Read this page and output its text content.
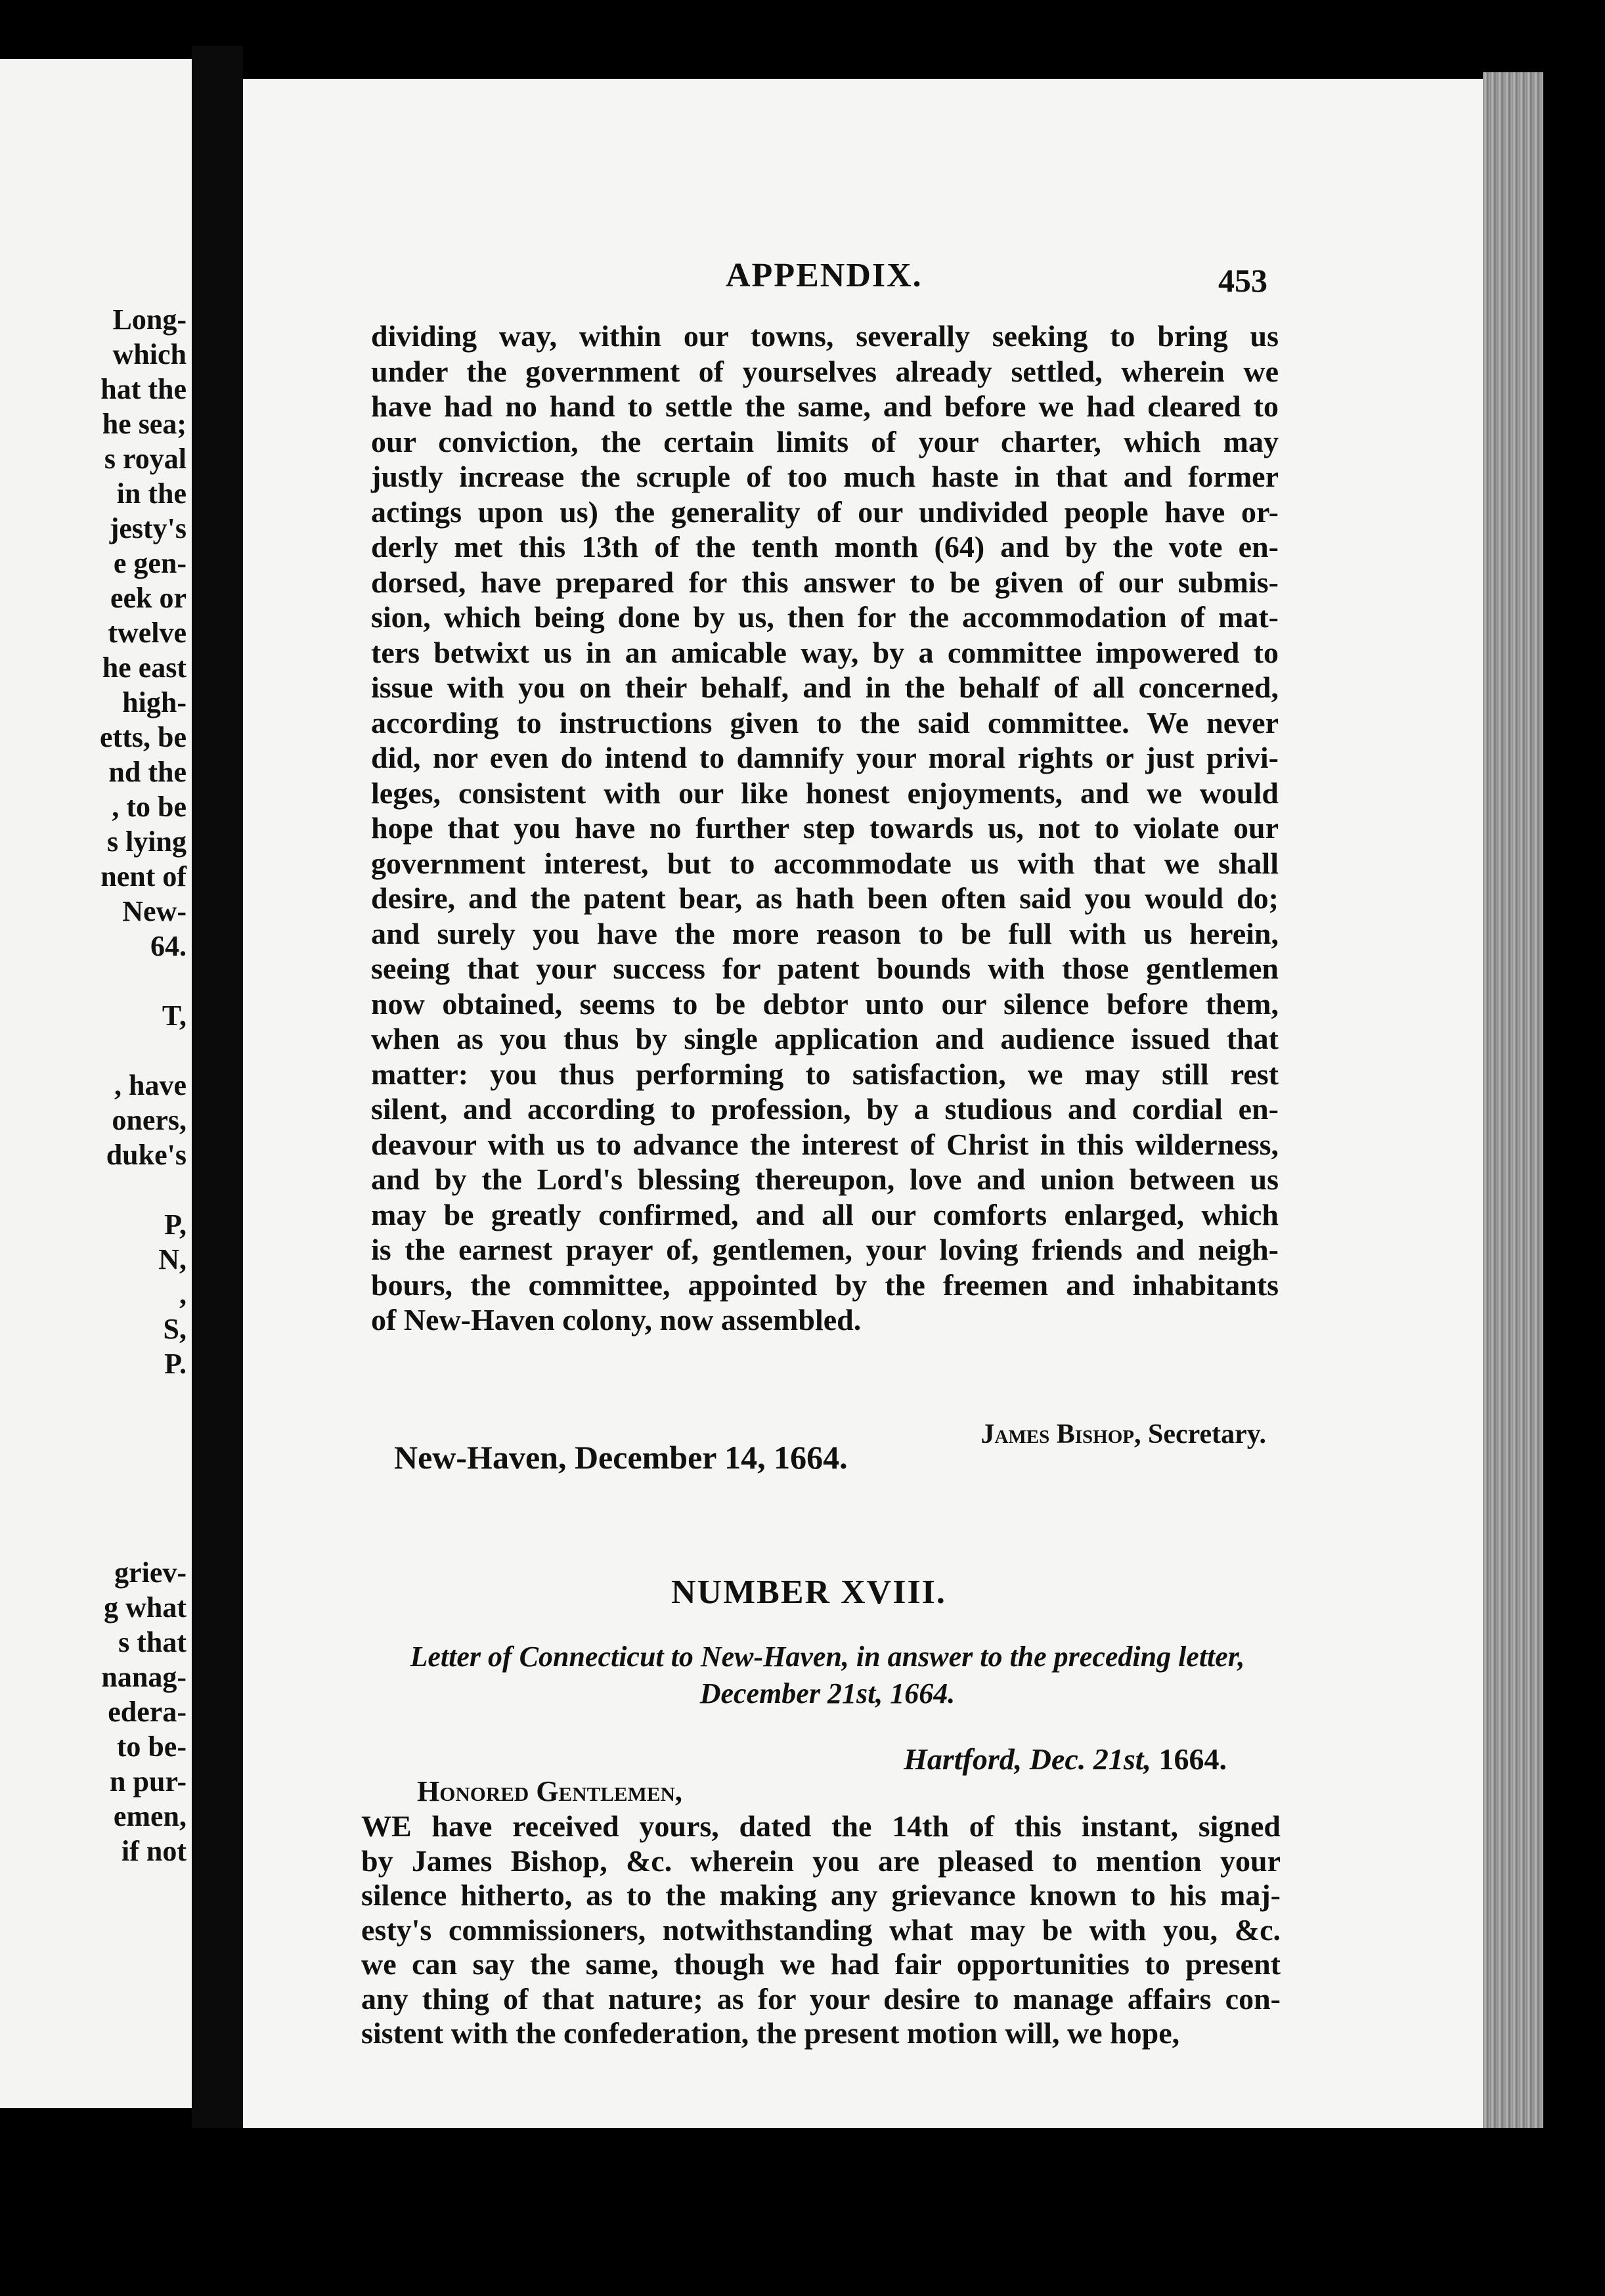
Long-
which
hat the
he sea;
s royal
in the
jesty's
e gen-
eek or
twelve
he east
high-
etts, be
nd the
, to be
s lying
nent of
New-
64.
T,
, have
oners,
duke's
P,
N,
,
S,
P.
griev-
g what
s that
nanag-
edera-
to be-
n pur-
emen,
if not
APPENDIX.	453
dividing way, within our towns, severally seeking to bring us
under the government of yourselves already settled, wherein we
have had no hand to settle the same, and before we had cleared to
our conviction, the certain limits of your charter, which may
justly increase the scruple of too much haste in that and former
actings upon us) the generality of our undivided people have or-
derly met this 13th of the tenth month (64) and by the vote en-
dorsed, have prepared for this answer to be given of our submis-
sion, which being done by us, then for the accommodation of mat-
ters betwixt us in an amicable way, by a committee impowered to
issue with you on their behalf, and in the behalf of all concerned,
according to instructions given to the said committee. We never
did, nor even do intend to damnify your moral rights or just privi-
leges, consistent with our like honest enjoyments, and we would
hope that you have no further step towards us, not to violate our
government interest, but to accommodate us with that we shall
desire, and the patent bear, as hath been often said you would do;
and surely you have the more reason to be full with us herein,
seeing that your success for patent bounds with those gentlemen
now obtained, seems to be debtor unto our silence before them,
when as you thus by single application and audience issued that
matter: you thus performing to satisfaction, we may still rest
silent, and according to profession, by a studious and cordial en-
deavour with us to advance the interest of Christ in this wilderness,
and by the Lord's blessing thereupon, love and union between us
may be greatly confirmed, and all our comforts enlarged, which
is the earnest prayer of, gentlemen, your loving friends and neigh-
bours, the committee, appointed by the freemen and inhabitants
of New-Haven colony, now assembled.
James Bishop, Secretary.
New-Haven, December 14, 1664.
NUMBER XVIII.
Letter of Connecticut to New-Haven, in answer to the preceding letter,
December 21st, 1664.
Hartford, Dec. 21st, 1664.
Honored Gentlemen,
WE have received yours, dated the 14th of this instant, signed
by James Bishop, &c. wherein you are pleased to mention your
silence hitherto, as to the making any grievance known to his maj-
esty's commissioners, notwithstanding what may be with you, &c.
we can say the same, though we had fair opportunities to present
any thing of that nature; as for your desire to manage affairs con-
sistent with the confederation, the present motion will, we hope,
